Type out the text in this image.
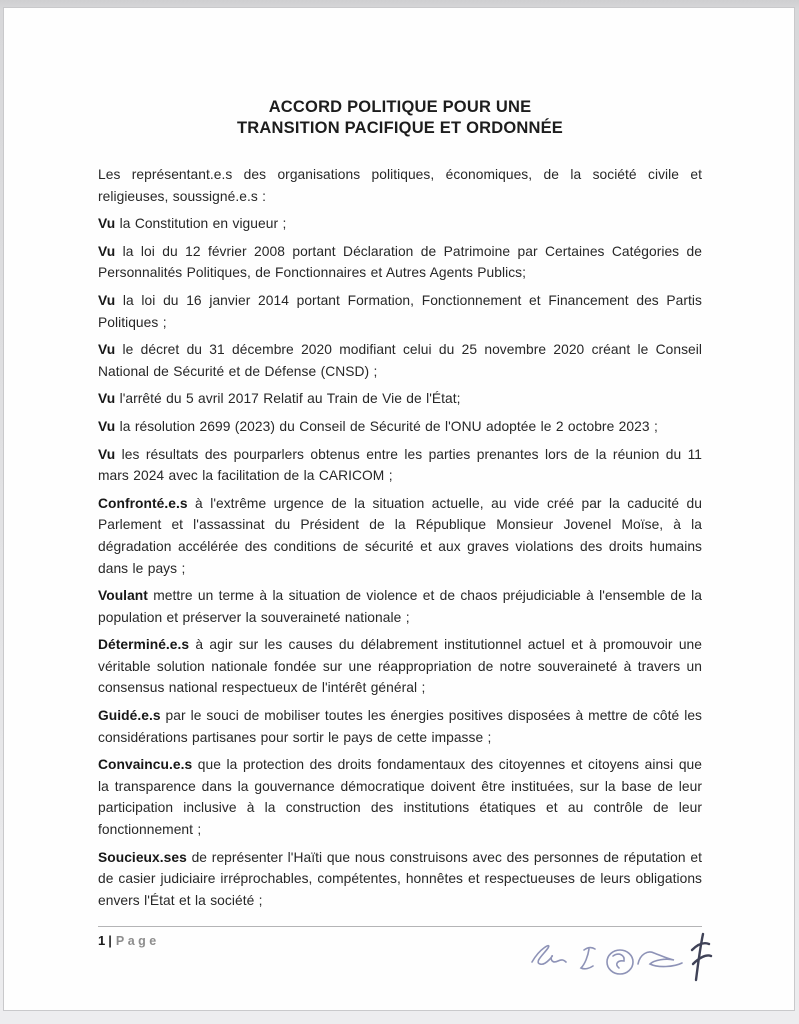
ACCORD POLITIQUE POUR UNE
TRANSITION PACIFIQUE ET ORDONNÉE
Les représentant.e.s des organisations politiques, économiques, de la société civile et religieuses, soussigné.e.s :
Vu la Constitution en vigueur ;
Vu la loi du 12 février 2008 portant Déclaration de Patrimoine par Certaines Catégories de Personnalités Politiques, de Fonctionnaires et Autres Agents Publics;
Vu la loi du 16 janvier 2014 portant Formation, Fonctionnement et Financement des Partis Politiques ;
Vu le décret du 31 décembre 2020 modifiant celui du 25 novembre 2020 créant le Conseil National de Sécurité et de Défense (CNSD) ;
Vu l'arrêté du 5 avril 2017 Relatif au Train de Vie de l'État;
Vu la résolution 2699 (2023) du Conseil de Sécurité de l'ONU adoptée le 2 octobre 2023 ;
Vu les résultats des pourparlers obtenus entre les parties prenantes lors de la réunion du 11 mars 2024 avec la facilitation de la CARICOM ;
Confronté.e.s à l'extrême urgence de la situation actuelle, au vide créé par la caducité du Parlement et l'assassinat du Président de la République Monsieur Jovenel Moïse, à la dégradation accélérée des conditions de sécurité et aux graves violations des droits humains dans le pays ;
Voulant mettre un terme à la situation de violence et de chaos préjudiciable à l'ensemble de la population et préserver la souveraineté nationale ;
Déterminé.e.s à agir sur les causes du délabrement institutionnel actuel et à promouvoir une véritable solution nationale fondée sur une réappropriation de notre souveraineté à travers un consensus national respectueux de l'intérêt général ;
Guidé.e.s par le souci de mobiliser toutes les énergies positives disposées à mettre de côté les considérations partisanes pour sortir le pays de cette impasse ;
Convaincu.e.s que la protection des droits fondamentaux des citoyennes et citoyens ainsi que la transparence dans la gouvernance démocratique doivent être instituées, sur la base de leur participation inclusive à la construction des institutions étatiques et au contrôle de leur fonctionnement ;
Soucieux.ses de représenter l'Haïti que nous construisons avec des personnes de réputation et de casier judiciaire irréprochables, compétentes, honnêtes et respectueuses de leurs obligations envers l'État et la société ;
1 | Page
